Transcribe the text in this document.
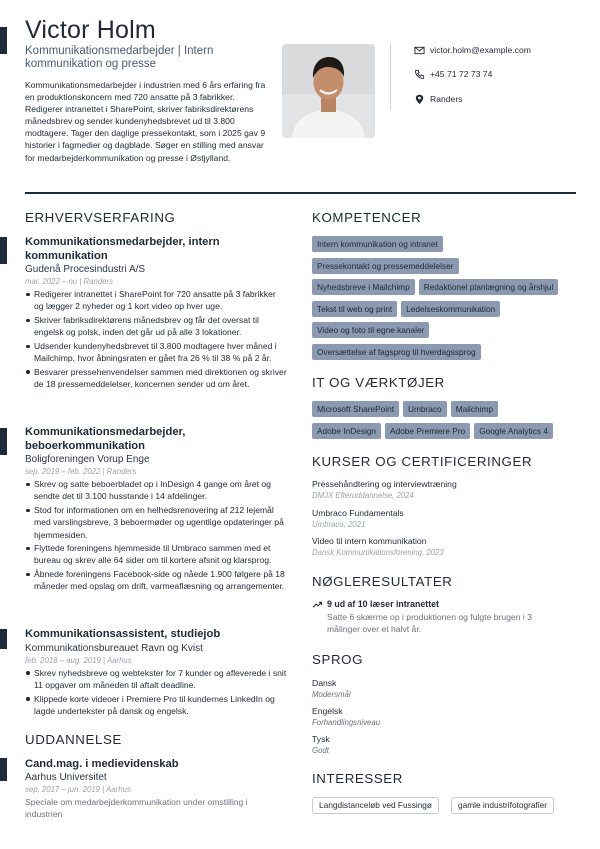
Victor Holm
Kommunikationsmedarbejder | Intern kommunikation og presse
Kommunikationsmedarbejder i industrien med 6 års erfaring fra en produktionskoncern med 720 ansatte på 3 fabrikker. Redigerer intranettet i SharePoint, skriver fabriksdirektørens månedsbrev og sender kundenyhedsbrevet ud til 3.800 modtagere. Tager den daglige pressekontakt, som i 2025 gav 9 historier i fagmedier og dagblade. Søger en stilling med ansvar for medarbejderkommunikation og presse i Østjylland.
victor.holm@example.com
+45 71 72 73 74
Randers
ERHVERVSERFARING
Kommunikationsmedarbejder, intern kommunikation
Gudenå Procesindustri A/S
mar. 2022 – nu | Randers
Redigerer intranettet i SharePoint for 720 ansatte på 3 fabrikker og lægger 2 nyheder og 1 kort video op hver uge.
Skriver fabriksdirektørens månedsbrev og får det oversat til engelsk og polsk, inden det går ud på alle 3 lokationer.
Udsender kundenyhedsbrevet til 3.800 modtagere hver måned i Mailchimp, hvor åbningsraten er gået fra 26 % til 38 % på 2 år.
Besvarer pressehenvendelser sammen med direktionen og skriver de 18 pressemeddelelser, koncernen sender ud om året.
Kommunikationsmedarbejder, beboerkommunikation
Boligforeningen Vorup Enge
sep. 2019 – feb. 2022 | Randers
Skrev og satte beboerbladet op i InDesign 4 gange om året og sendte det til 3.100 husstande i 14 afdelinger.
Stod for informationen om en helhedsrenovering af 212 lejemål med varslingsbreve, 3 beboermøder og ugentlige opdateringer på hjemmesiden.
Flyttede foreningens hjemmeside til Umbraco sammen med et bureau og skrev alle 64 sider om til kortere afsnit og klarsprog.
Åbnede foreningens Facebook-side og nåede 1.900 følgere på 18 måneder med opslag om drift, varmeaflæsning og arrangementer.
Kommunikationsassistent, studiejob
Kommunikationsbureauet Ravn og Kvist
feb. 2018 – aug. 2019 | Aarhus
Skrev nyhedsbreve og webtekster for 7 kunder og afleverede i snit 11 opgaver om måneden til aftalt deadline.
Klippede korte videoer i Premiere Pro til kundernes LinkedIn og lagde undertekster på dansk og engelsk.
UDDANNELSE
Cand.mag. i medievidenskab
Aarhus Universitet
sep. 2017 – jun. 2019 | Aarhus
Speciale om medarbejderkommunikation under omstilling i industrien
KOMPETENCER
Intern kommunikation og intranet
Pressekontakt og pressemeddelelser
Nyhedsbreve i Mailchimp	Redaktionel planlægning og årshjul
Tekst til web og print	Ledelseskommunikation
Video og foto til egne kanaler
Oversættelse af fagsprog til hverdagssprog
IT OG VÆRKTØJER
Microsoft SharePoint	Umbraco	Mailchimp
Adobe InDesign	Adobe Premiere Pro	Google Analytics 4
KURSER OG CERTIFICERINGER
Pressehåndtering og interviewtræning
DMJX Efteruddannelse, 2024
Umbraco Fundamentals
Umbraco, 2021
Video til intern kommunikation
Dansk Kommunikationsforening, 2023
NØGLERESULTATER
9 ud af 10 læser intranettet
Satte 6 skærme op i produktionen og fulgte brugen i 3 målinger over et halvt år.
SPROG
Dansk
Modersmål
Engelsk
Forhandlingsniveau
Tysk
Godt
INTERESSER
Langdistanceløb ved Fussingø	gamle industrifotografier
